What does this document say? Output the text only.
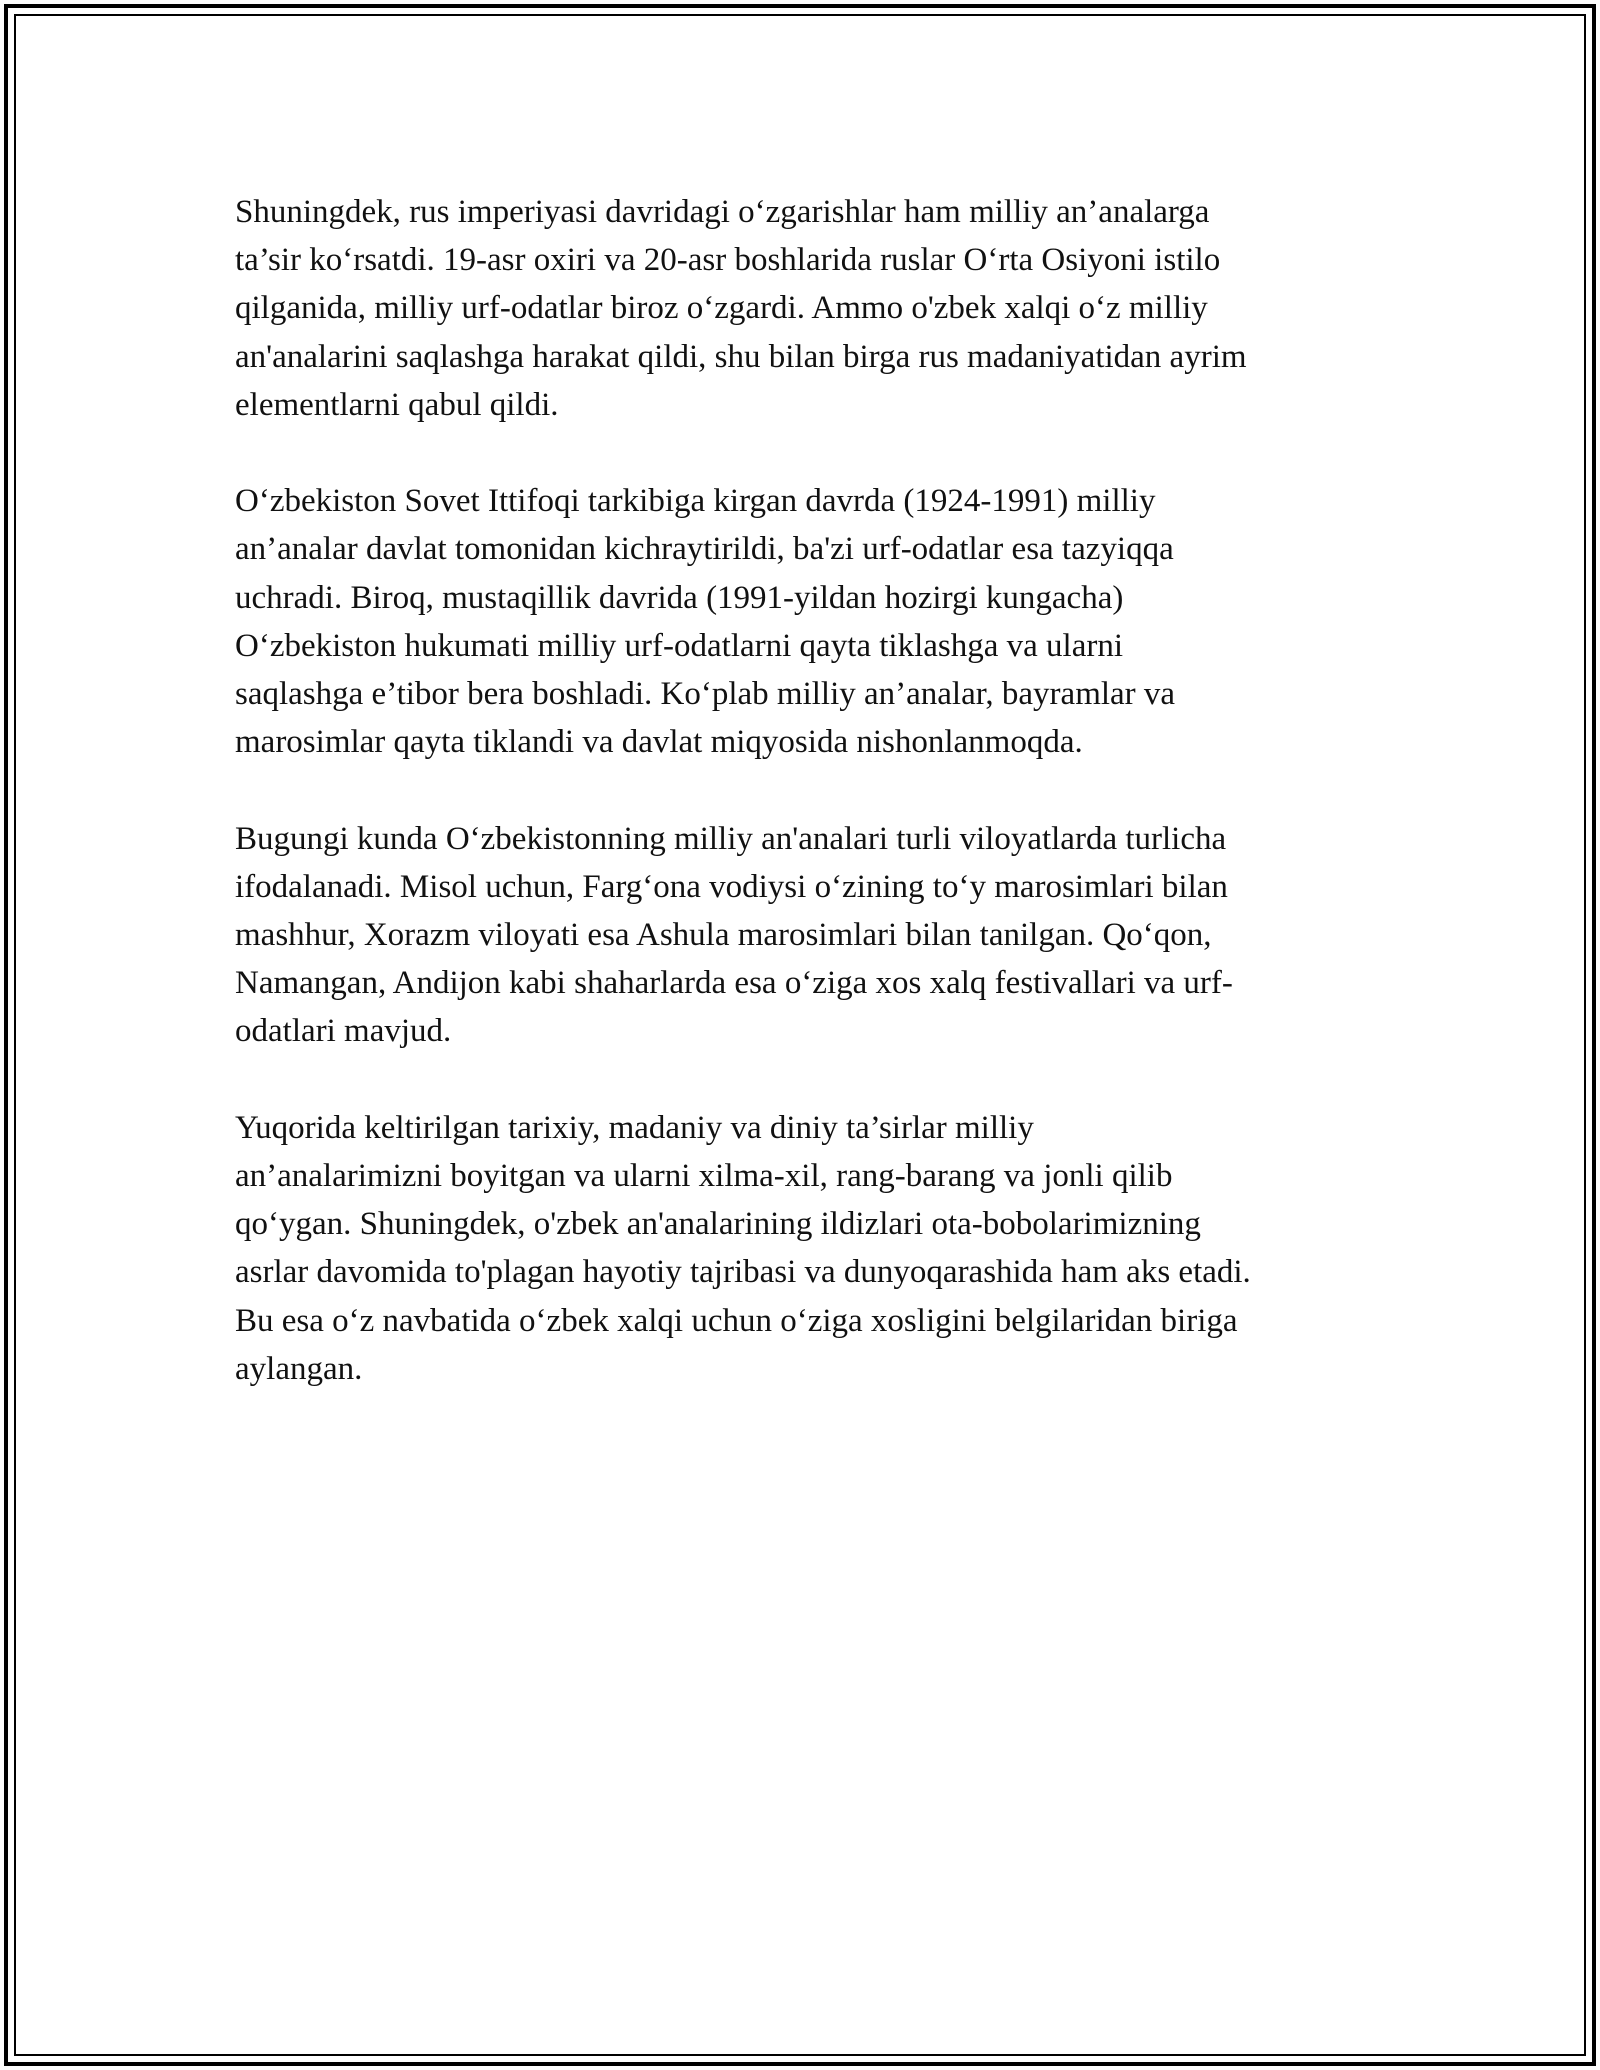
Shuningdek, rus imperiyasi davridagi o‘zgarishlar ham milliy an’analarga
ta’sir ko‘rsatdi. 19-asr oxiri va 20-asr boshlarida ruslar O‘rta Osiyoni istilo
qilganida, milliy urf-odatlar biroz o‘zgardi. Ammo o'zbek xalqi o‘z milliy
an'analarini saqlashga harakat qildi, shu bilan birga rus madaniyatidan ayrim
elementlarni qabul qildi.

O‘zbekiston Sovet Ittifoqi tarkibiga kirgan davrda (1924-1991) milliy
an’analar davlat tomonidan kichraytirildi, ba'zi urf-odatlar esa tazyiqqa
uchradi. Biroq, mustaqillik davrida (1991-yildan hozirgi kungacha)
O‘zbekiston hukumati milliy urf-odatlarni qayta tiklashga va ularni
saqlashga e’tibor bera boshladi. Ko‘plab milliy an’analar, bayramlar va
marosimlar qayta tiklandi va davlat miqyosida nishonlanmoqda.

Bugungi kunda O‘zbekistonning milliy an'analari turli viloyatlarda turlicha
ifodalanadi. Misol uchun, Farg‘ona vodiysi o‘zining to‘y marosimlari bilan
mashhur, Xorazm viloyati esa Ashula marosimlari bilan tanilgan. Qo‘qon,
Namangan, Andijon kabi shaharlarda esa o‘ziga xos xalq festivallari va urf-
odatlari mavjud.

Yuqorida keltirilgan tarixiy, madaniy va diniy ta’sirlar milliy
an’analarimizni boyitgan va ularni xilma-xil, rang-barang va jonli qilib
qo‘ygan. Shuningdek, o'zbek an'analarining ildizlari ota-bobolarimizning
asrlar davomida to'plagan hayotiy tajribasi va dunyoqarashida ham aks etadi.
Bu esa o‘z navbatida o‘zbek xalqi uchun o‘ziga xosligini belgilaridan biriga
aylangan.
